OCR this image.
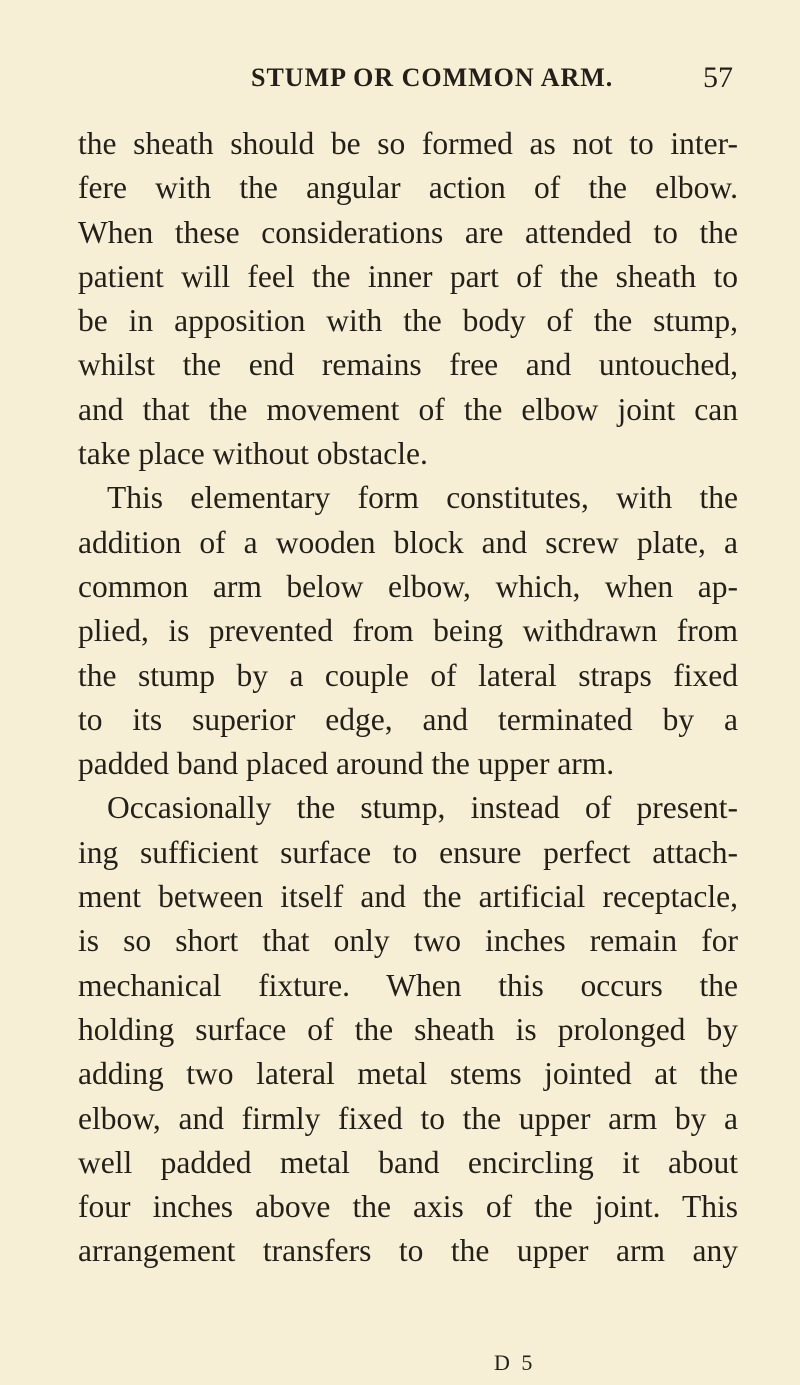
STUMP OR COMMON ARM.	57
the sheath should be so formed as not to inter-
fere with the angular action of the elbow.
When these considerations are attended to the
patient will feel the inner part of the sheath to
be in apposition with the body of the stump,
whilst the end remains free and untouched,
and that the movement of the elbow joint can
take place without obstacle.
This elementary form constitutes, with the
addition of a wooden block and screw plate, a
common arm below elbow, which, when ap-
plied, is prevented from being withdrawn from
the stump by a couple of lateral straps fixed
to its superior edge, and terminated by a
padded band placed around the upper arm.
Occasionally the stump, instead of present-
ing sufficient surface to ensure perfect attach-
ment between itself and the artificial receptacle,
is so short that only two inches remain for
mechanical fixture. When this occurs the
holding surface of the sheath is prolonged by
adding two lateral metal stems jointed at the
elbow, and firmly fixed to the upper arm by a
well padded metal band encircling it about
four inches above the axis of the joint. This
arrangement transfers to the upper arm any
D 5
